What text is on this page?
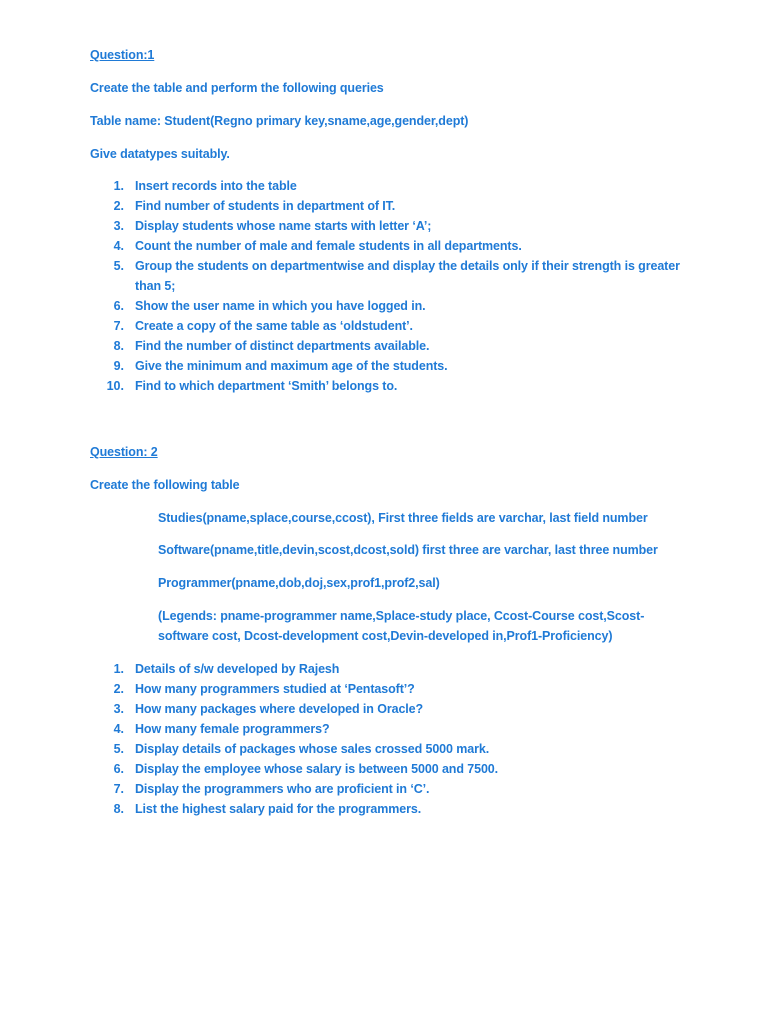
Question:1
Create the table and perform the following queries
Table name: Student(Regno primary key,sname,age,gender,dept)
Give datatypes suitably.
1. Insert records into the table
2. Find number of students in department of IT.
3. Display students whose name starts with letter ‘A’;
4. Count the number of male and female students in all departments.
5. Group the students on departmentwise and display the details only if their strength is greater
than 5;
6. Show the user name in which you have logged in.
7. Create a copy of the same table as ‘oldstudent’.
8. Find the number of distinct departments available.
9. Give the minimum and maximum age of the students.
10. Find to which department ‘Smith’ belongs to.
Question: 2
Create the following table
Studies(pname,splace,course,ccost), First three fields are varchar, last field number
Software(pname,title,devin,scost,dcost,sold) first three are varchar, last three number
Programmer(pname,dob,doj,sex,prof1,prof2,sal)
(Legends: pname-programmer name,Splace-study place, Ccost-Course cost,Scost-
software cost, Dcost-development cost,Devin-developed in,Prof1-Proficiency)
1. Details of s/w developed by Rajesh
2. How many programmers studied at ‘Pentasoft’?
3. How many packages where developed in Oracle?
4. How many female programmers?
5. Display details of packages whose sales crossed 5000 mark.
6. Display the employee whose salary is between 5000 and 7500.
7. Display the programmers who are proficient in ‘C’.
8. List the highest salary paid for the programmers.
